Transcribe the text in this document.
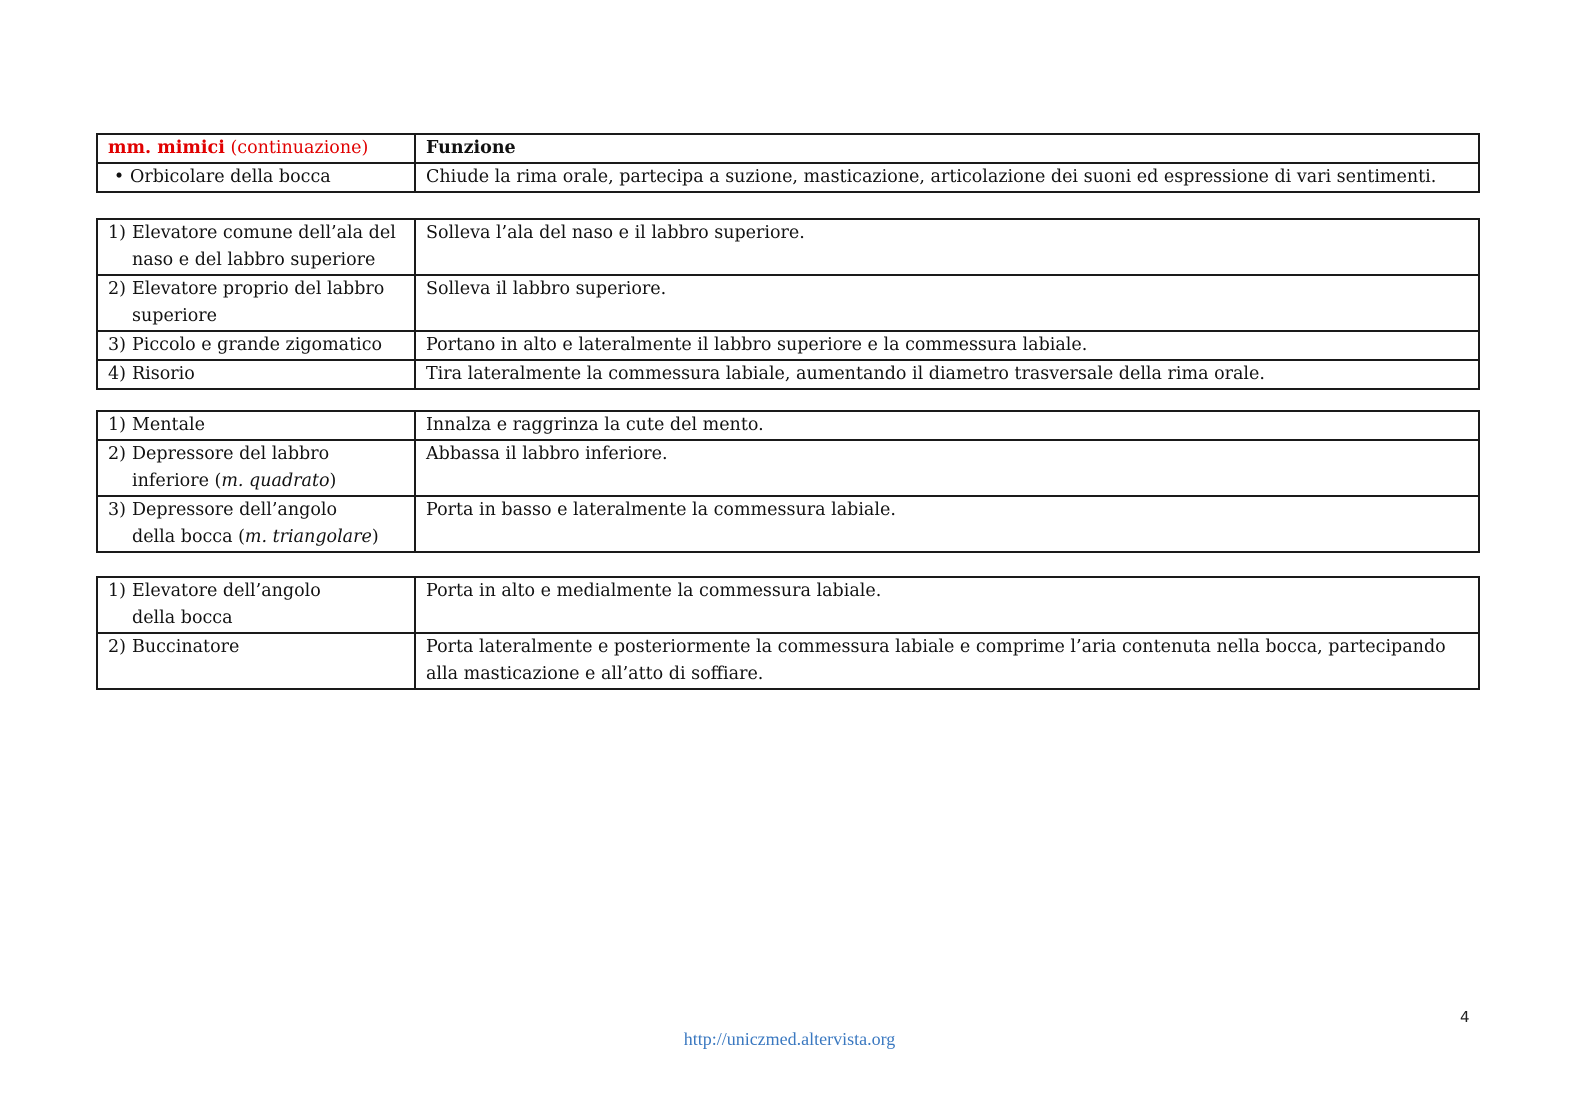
mm. mimici (continuazione)	Funzione
• Orbicolare della bocca	Chiude la rima orale, partecipa a suzione, masticazione, articolazione dei suoni ed espressione di vari sentimenti.
1) Elevatore comune dell’ala del
naso e del labbro superiore	Solleva l’ala del naso e il labbro superiore.
2) Elevatore proprio del labbro
superiore	Solleva il labbro superiore.
3) Piccolo e grande zigomatico	Portano in alto e lateralmente il labbro superiore e la commessura labiale.
4) Risorio	Tira lateralmente la commessura labiale, aumentando il diametro trasversale della rima orale.
1) Mentale	Innalza e raggrinza la cute del mento.
2) Depressore del labbro
inferiore (m. quadrato)	Abbassa il labbro inferiore.
3) Depressore dell’angolo
della bocca (m. triangolare)	Porta in basso e lateralmente la commessura labiale.
1) Elevatore dell’angolo
della bocca	Porta in alto e medialmente la commessura labiale.
2) Buccinatore	Porta lateralmente e posteriormente la commessura labiale e comprime l’aria contenuta nella bocca, partecipando alla masticazione e all’atto di soffiare.
4
http://uniczmed.altervista.org
